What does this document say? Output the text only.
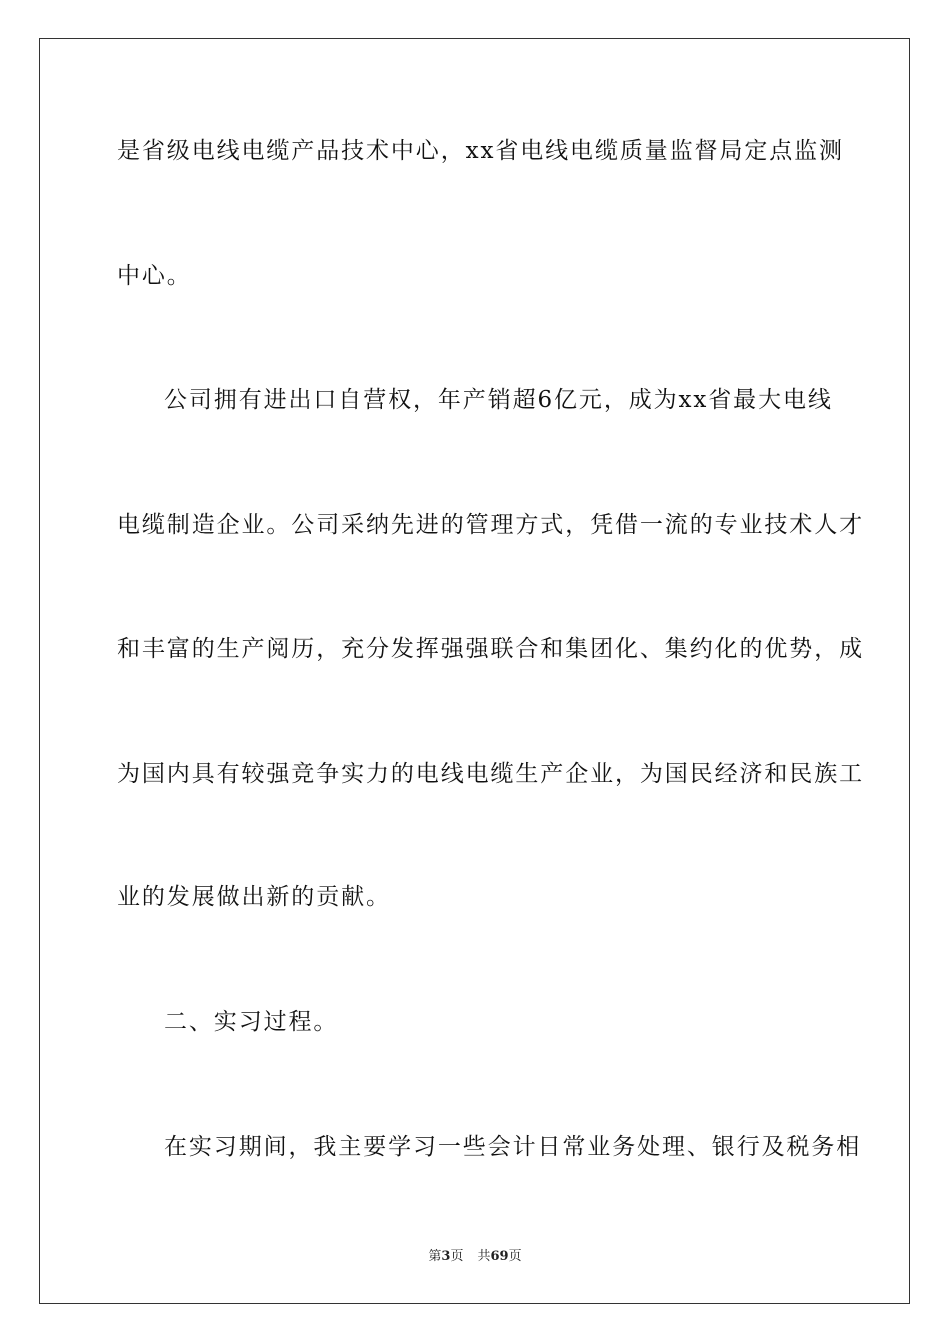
是省级电线电缆产品技术中心，xx省电线电缆质量监督局定点监测
中心。
公司拥有进出口自营权，年产销超6亿元，成为xx省最大电线
电缆制造企业。公司采纳先进的管理方式，凭借一流的专业技术人才
和丰富的生产阅历，充分发挥强强联合和集团化、集约化的优势，成
为国内具有较强竞争实力的电线电缆生产企业，为国民经济和民族工
业的发展做出新的贡献。
二、实习过程。
在实习期间，我主要学习一些会计日常业务处理、银行及税务相
第3页 共69页
